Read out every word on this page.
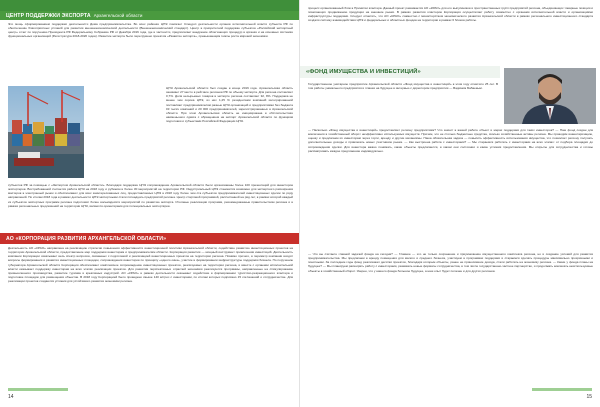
ЦЕНТР ПОДДЕРЖКИ ЭКСПОРТА Архангельской области
Это мощь сформированием поддержки деятельности Дома предпринимательства. Во всех районах ЦПЭ помогает Спецдоп деятельности органов исполнительной власти субъекта РФ по обеспечению благоприятных условий для развития внешнеэкономической деятельности (Внешнеэкономический стандарт). Центр в приоритетной поддержке субъектов «Российский экспортный центр» отчет по поручению Президента РФ Федеральному Собранию РФ от Декабря 2016 года, где в частности, предполагает внедрение облегчающих процедур в органах и на основных системах функциональных организаций (Регистратура 2018-2020 годов). Развитие экспорта было перегружено проектом «Развитие экспорта», превышающим темпы роста мировой экономики.
ЦПЭ Архангельской области был создан в конце 2016 года. Архангельская область занимает 27 место в рейтинге регионов РФ по объему экспорта. Для региона составляет 0,7%. Доля несырьевых товаров в экспорте региона составляет 32, 8%. Поддержка не менее чем сорока ЦПЭ, из них 1,25 % резидентами компаний интегрированной поставляют предпринимателям разные ЦПЭ организаций и предприятиями без бюджета 03 тысяч компаний и 20 000 предпринимателей, зарегистрированных в Архангельской области. При этом Архангельская область не инициирована в обстоятельствах наименьшего сдвига с обращением на экспорт Архангельской области по функциям подготовки и субъектами Российской Федерации ЦПЭ.
субъектов РФ за помощью с «Экспортом Архангельской области». Благодаря поддержке ЦПЭ сопровождение Архангельской области были организованы более 100 презентаций для инвесторов экспортеров. Востребованной считается работа ЦПЭ на 2018 году и рубежом в более 30 мероприятий на территории РФ. Индустриальный ЦПЭ становится возможно для экспертного расширения мастеров в электронный рынок и обеспечивают для всех заинтересованных лиц, предоставляемых ЦПЭ в 2018 году более чем ста субъектов предпринимателей инвестиционных сделок по ряду направлений. По итогам 2018 года в рамках деятельности ЦПЭ экспортными стали пятнадцать предприятий региона. Центр стартовой программой, рассчитанной на ряд лет, в рамках которой каждый из субъектов экспортных программ региона подготовил более восьмидесяти мероприятий по развитию экспорта. Итоговые реализации программ, рекомендованные правительством региона и в рамках региональных предложений на территории ЦПЭ, являются ориентирами для потенциальных экспортёров.
АО «КОРПОРАЦИЯ РАЗВИТИЯ АРХАНГЕЛЬСКОЙ ОБЛАСТИ»
Деятельность АО «КРАО» направлена на реализацию стратегии повышения эффективности инвестиционной политики Архангельской области, содействие развитию инвестиционных проектов на территории Архангельской области, предоставление мер поддержки инвесторам и предпринимателям области. Корпорация развития — мощный инструмент привлечения инвестиций. Деятельность компании Корпорации охватывает весь спектр вопросов, связанных с подготовкой и реализацией инвестиционных проектов на территории региона. Помимо прочего, в периметр компании входят вопросы формирования и развития инвестиционных площадок, сопровождения инвесторов по принципу «одного окна», участие в формировании инфраструктуры поддержки бизнеса. По поручению губернатора Архангельской области Корпорация обеспечивает комплексное сопровождение инвестиционных проектов, реализуемых на территории региона, и вместе с органами исполнительной власти оказывает поддержку инвесторам на всех этапах реализации проектов. Для развития перспективных отраслей экономики реализуются программы, направленные на стимулирование промышленного производства, развитие туризма и креативных индустрий. АО «КРАО» в рамках деятельности оказывает содействие в формировании туристско-рекреационного кластера и подготовке площадок для размещения объектов. В 2018 году Корпорацией было проведено свыше 140 встреч с инвесторами, по итогам которых подписано 15 соглашений о сотрудничестве. Для реализации проектов создаются условия для устойчивого развития экономики региона.
14
процесс организованный блок в Принятии кластера. Данный проект развивается АО «КРАО» для его выпускников и пространственных групп предприятий региона, объединяющих товарные позиции и помогающих продвижению продукции на внешние рынки. В рамках развития кластеров Корпорация осуществляет работу совместно с органами исполнительной власти и организациями инфраструктуры поддержки. Следует отметить, что АО «КРАО» совместно с министерством экономического развития Архангельской области в рамках регионального инвестиционного стандарта создали систему взаимодействия ЦПЭ и федеральных и областных фондов на территории в рамках 6 блоков работы.
«ФОНД ИМУЩЕСТВА И ИНВЕСТИЦИЙ»
Государственное унитарное предприятие Архангельской области «Фонд имущества и инвестиций» в этом году отметило 25 лет. В том работы уникального предприятия и планах на будущее в интервью с директором предприятия — Вадимом Бабаевым.
— Насколько «Фонд имущества и инвестиций» предоставляет региону предприятиям? Что значит в вашей работе объект и мерах поддержки для таких инвесторов? — Наш фонд создан для вовлечения в хозяйственный оборот неэффективно используемых имуществ. Причем, это не столько бюджетные средства, сколько хозяйственные активы региона. Мы проводим инвентаризацию, оценку и предлагаем их инвесторам через торги, аренду и другие механизмы. Наша обязательная задача — повысить эффективность использования имущества, что позволяет региону получать дополнительные доходы и привлекать новых участников рынка. — Как выстроена работа с инвесторами? — Мы стараемся работать с инвесторами на всех этапах: от подбора площадки до сопровождения сделки. Для инвестора важно понимать, какие объекты предлагаются, в каком они состоянии и какие условия предоставления. Мы открыты для сотрудничества и готовы рассматривать каждое предложение индивидуально.
— Что вы считаете главной задачей фонда на сегодня? — Главное — это не только сохранение и приумножение имущественного комплекса региона, но и создание условий для развития предпринимательства. Мы предлагаем в аренду помещения для малого и среднего бизнеса, участвуем в программах поддержки и стараемся сделать процедуры максимально прозрачными и понятными. За последние годы фонд реализовал десятки проектов, благодаря которым объекты, ранее не приносившие дохода, стали работать на экономику региона. — Какие у фонда планы на будущее? — Мы планируем расширять работу с инвесторами, развивать новые форматы сотрудничества, в том числе государственно-частное партнерство, и продолжать вовлекать неиспользуемые объекты в хозяйственный оборот. Уверен, что у нашего фонда большое будущее, а наш опыт будет полезен и для других регионов.
15
